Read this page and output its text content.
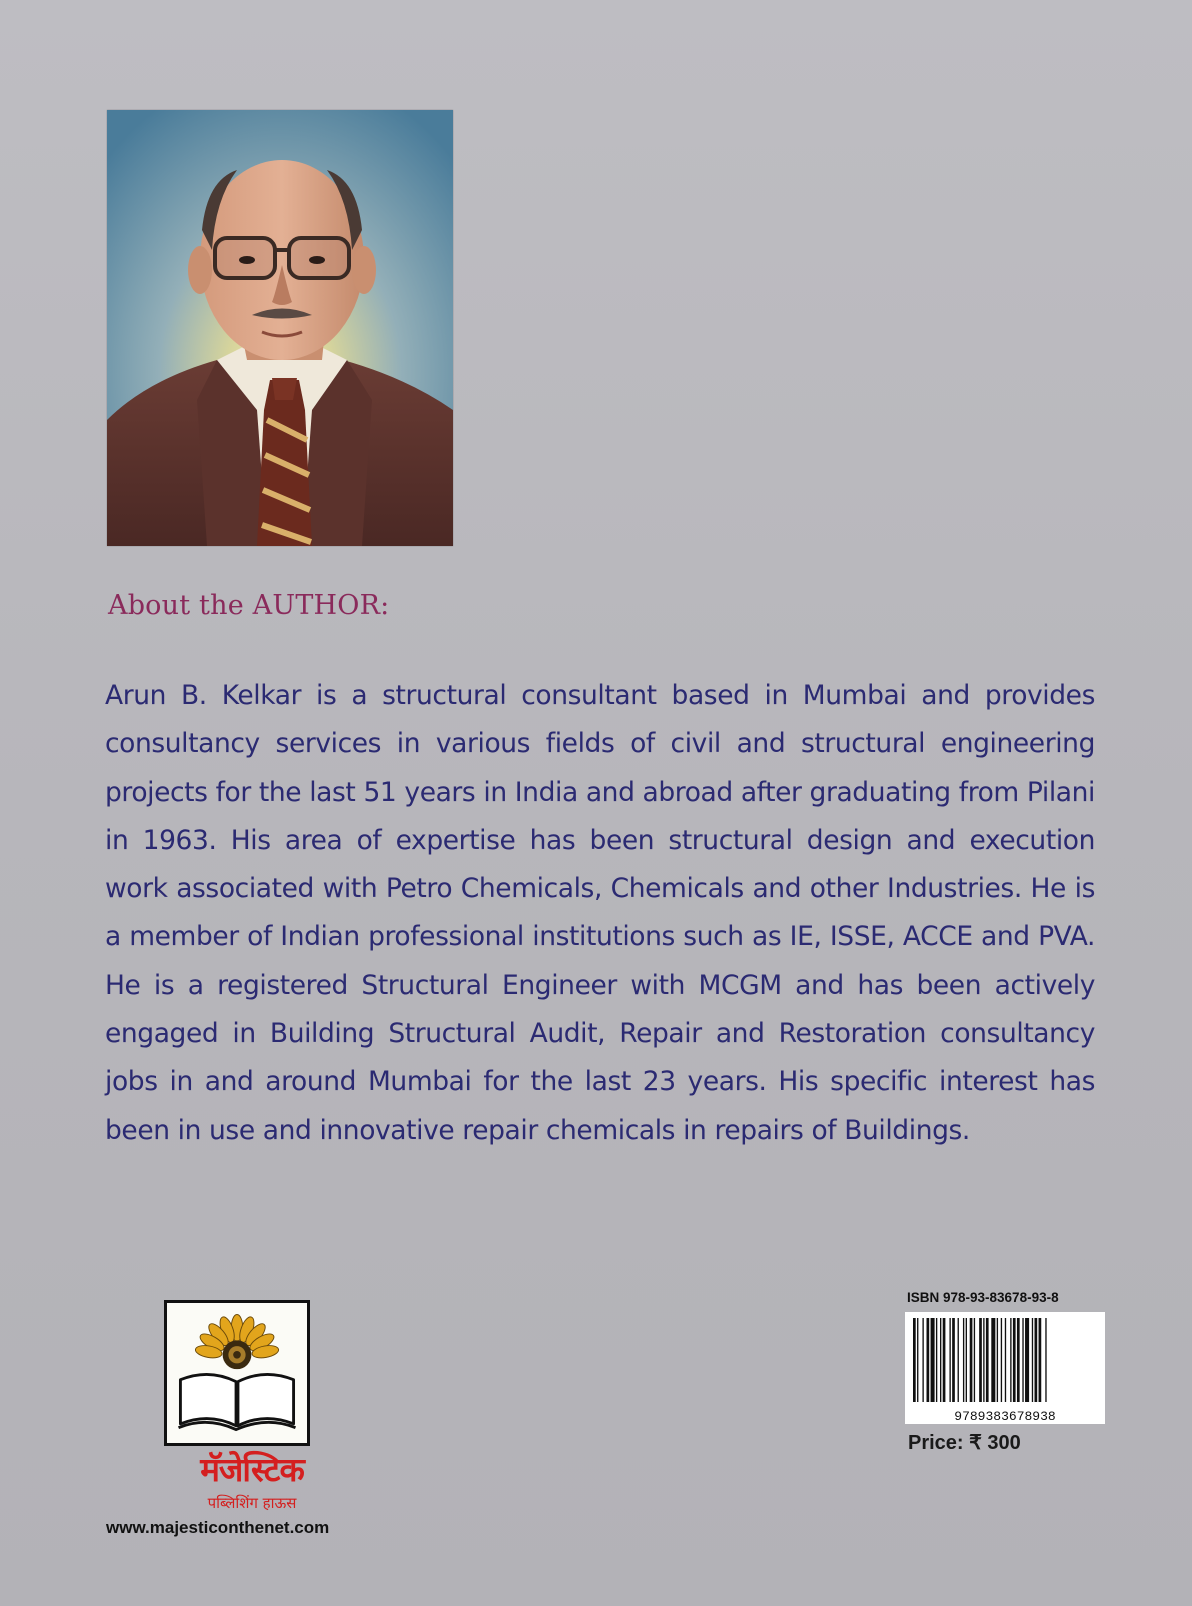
About the AUTHOR:

Arun B. Kelkar is a structural consultant based in Mumbai and provides consultancy services in various fields of civil and structural engineering projects for the last 51 years in India and abroad after graduating from Pilani in 1963. His area of expertise has been structural design and execution work associated with Petro Chemicals, Chemicals and other Industries. He is a member of Indian professional institutions such as IE, ISSE, ACCE and PVA. He is a registered Structural Engineer with MCGM and has been actively engaged in Building Structural Audit, Repair and Restoration consultancy jobs in and around Mumbai for the last 23 years. His specific interest has been in use and innovative repair chemicals in repairs of Buildings.

मॅजेस्टिक

पब्लिशिंग हाऊस

www.majesticonthenet.com

ISBN 978-93-83678-93-8

9789383678938

Price: ₹ 300
